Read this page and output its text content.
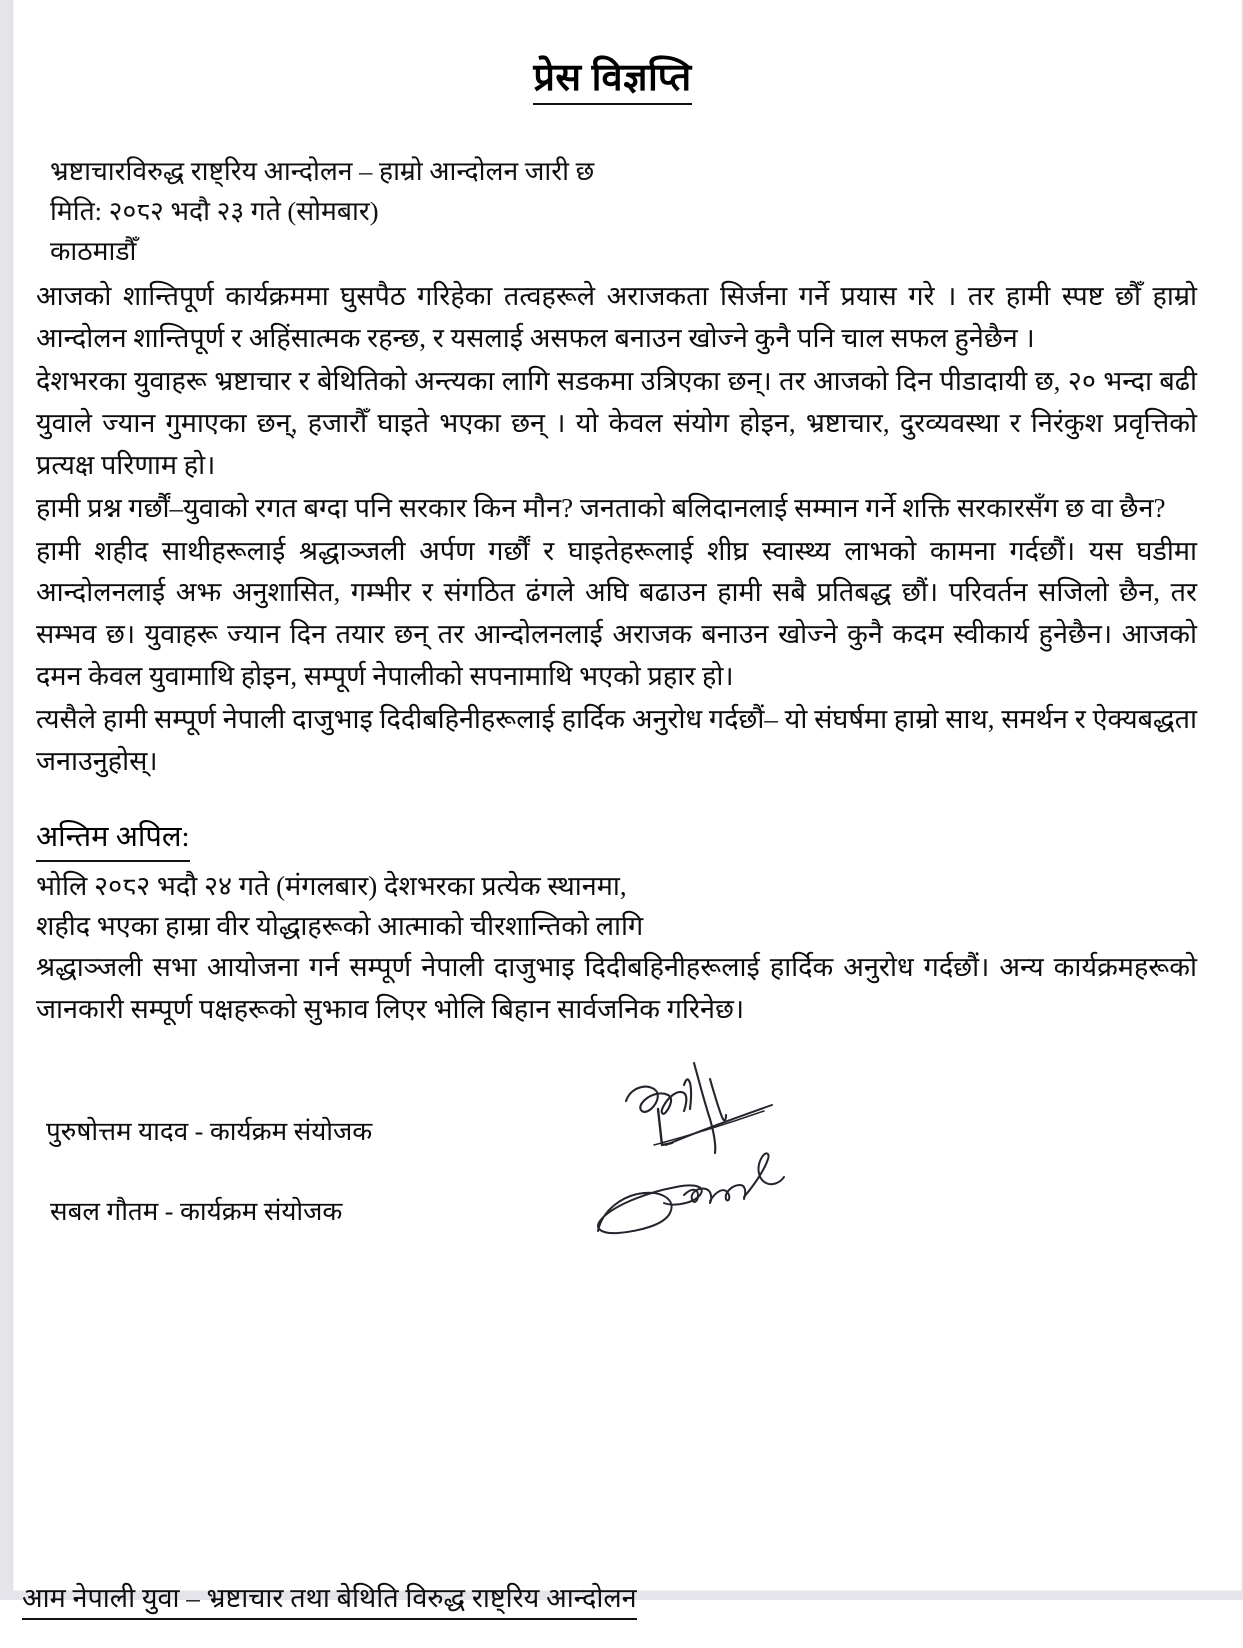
प्रेस विज्ञप्ति
भ्रष्टाचारविरुद्ध राष्ट्रिय आन्दोलन – हाम्रो आन्दोलन जारी छ
मिति: २०८२ भदौ २३ गते (सोमबार)
काठमाडौँ

आजको शान्तिपूर्ण कार्यक्रममा घुसपैठ गरिहेका तत्वहरूले अराजकता सिर्जना गर्ने प्रयास गरे । तर हामी स्पष्ट छौँ हाम्रो आन्दोलन शान्तिपूर्ण र अहिंसात्मक रहन्छ, र यसलाई असफल बनाउन खोज्ने कुनै पनि चाल सफल हुनेछैन ।

देशभरका युवाहरू भ्रष्टाचार र बेथितिको अन्त्यका लागि सडकमा उत्रिएका छन्। तर आजको दिन पीडादायी छ, २० भन्दा बढी युवाले ज्यान गुमाएका छन्, हजारौँ घाइते भएका छन् । यो केवल संयोग होइन, भ्रष्टाचार, दुरव्यवस्था र निरंकुश प्रवृत्तिको प्रत्यक्ष परिणाम हो।

हामी प्रश्न गर्छौं–युवाको रगत बग्दा पनि सरकार किन मौन? जनताको बलिदानलाई सम्मान गर्ने शक्ति सरकारसँग छ वा छैन?

हामी शहीद साथीहरूलाई श्रद्धाञ्जली अर्पण गर्छौं र घाइतेहरूलाई शीघ्र स्वास्थ्य लाभको कामना गर्दछौं। यस घडीमा आन्दोलनलाई अझ अनुशासित, गम्भीर र संगठित ढंगले अघि बढाउन हामी सबै प्रतिबद्ध छौं। परिवर्तन सजिलो छैन, तर सम्भव छ। युवाहरू ज्यान दिन तयार छन् तर आन्दोलनलाई अराजक बनाउन खोज्ने कुनै कदम स्वीकार्य हुनेछैन। आजको दमन केवल युवामाथि होइन, सम्पूर्ण नेपालीको सपनामाथि भएको प्रहार हो।

त्यसैले हामी सम्पूर्ण नेपाली दाजुभाइ दिदीबहिनीहरूलाई हार्दिक अनुरोध गर्दछौं– यो संघर्षमा हाम्रो साथ, समर्थन र ऐक्यबद्धता जनाउनुहोस्।

अन्तिम अपिल:
भोलि २०८२ भदौ २४ गते (मंगलबार) देशभरका प्रत्येक स्थानमा,
शहीद भएका हाम्रा वीर योद्धाहरूको आत्माको चीरशान्तिको लागि

श्रद्धाञ्जली सभा आयोजना गर्न सम्पूर्ण नेपाली दाजुभाइ दिदीबहिनीहरूलाई हार्दिक अनुरोध गर्दछौं। अन्य कार्यक्रमहरूको जानकारी सम्पूर्ण पक्षहरूको सुझाव लिएर भोलि बिहान सार्वजनिक गरिनेछ।

पुरुषोत्तम यादव - कार्यक्रम संयोजक
सबल गौतम - कार्यक्रम संयोजक
आम नेपाली युवा – भ्रष्टाचार तथा बेथिति विरुद्ध राष्ट्रिय आन्दोलन
